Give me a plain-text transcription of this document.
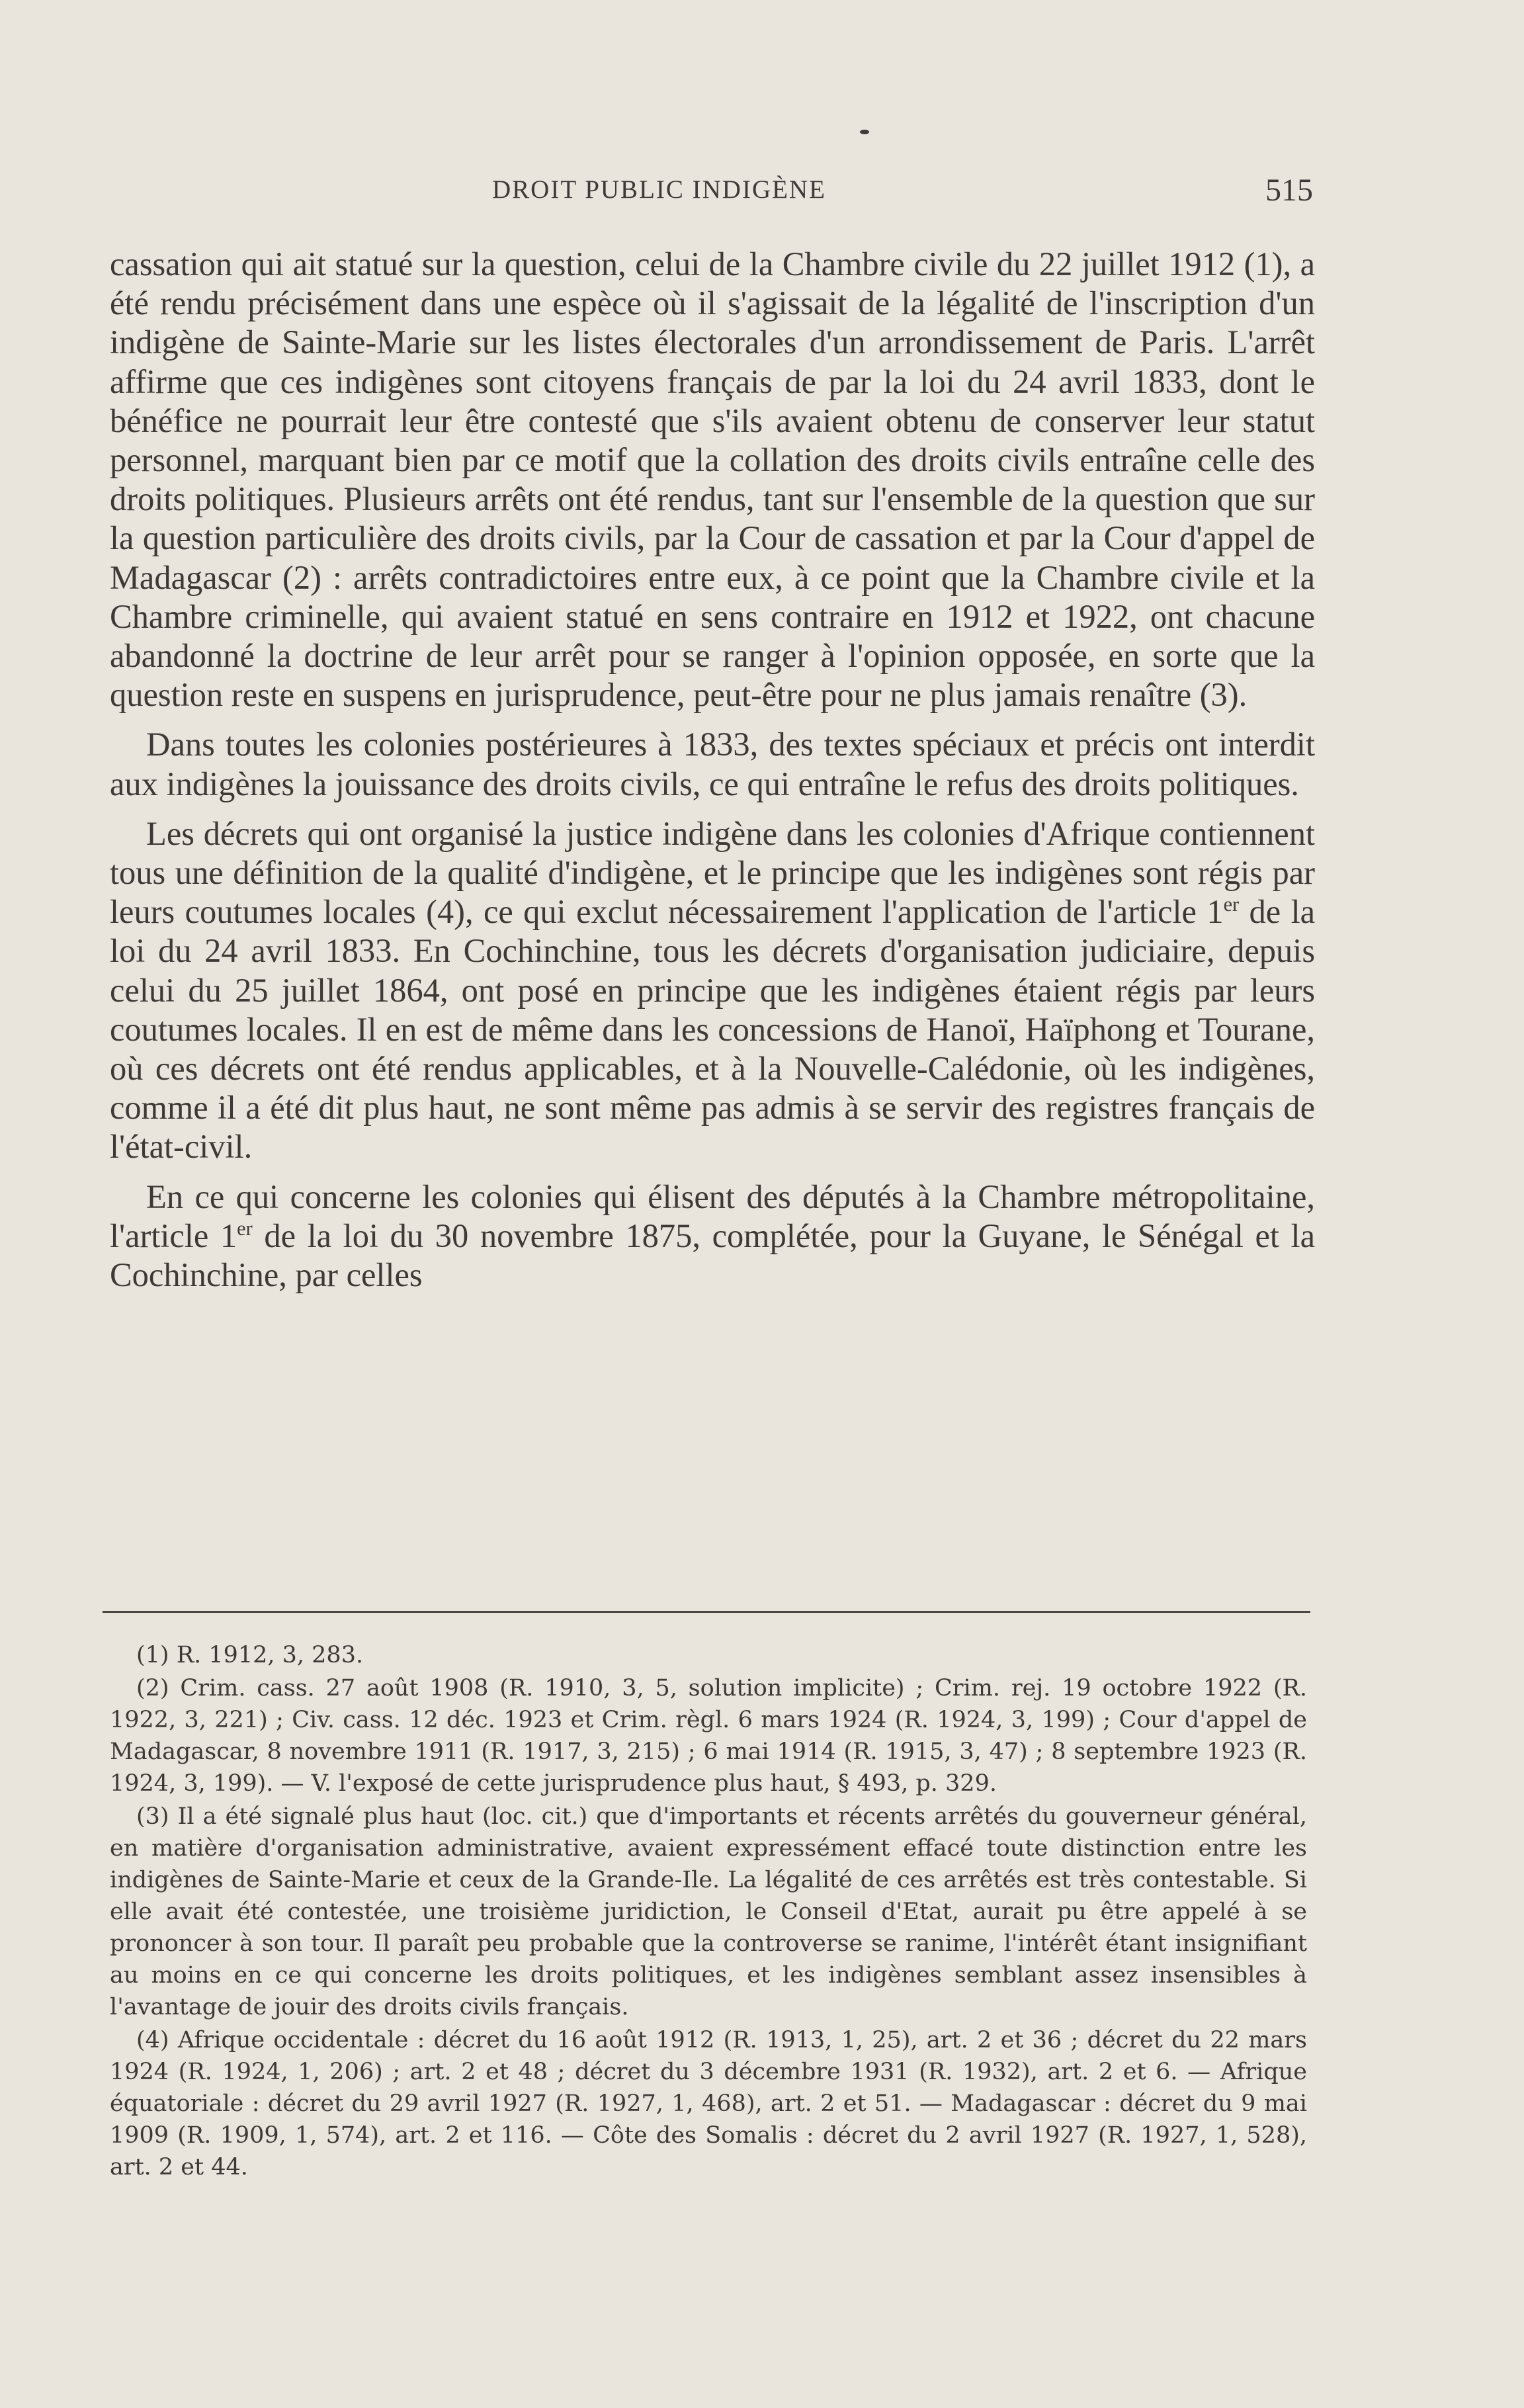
DROIT PUBLIC INDIGÈNE	515

cassation qui ait statué sur la question, celui de la Chambre civile du 22 juillet 1912 (1), a été rendu précisément dans une espèce où il s'agissait de la légalité de l'inscription d'un indigène de Sainte-Marie sur les listes électorales d'un arrondissement de Paris. L'arrêt affirme que ces indigènes sont citoyens français de par la loi du 24 avril 1833, dont le bénéfice ne pourrait leur être contesté que s'ils avaient obtenu de conserver leur statut personnel, marquant bien par ce motif que la collation des droits civils entraîne celle des droits politiques. Plusieurs arrêts ont été rendus, tant sur l'ensemble de la question que sur la question particulière des droits civils, par la Cour de cassation et par la Cour d'appel de Madagascar (2) : arrêts contradictoires entre eux, à ce point que la Chambre civile et la Chambre criminelle, qui avaient statué en sens contraire en 1912 et 1922, ont chacune abandonné la doctrine de leur arrêt pour se ranger à l'opinion opposée, en sorte que la question reste en suspens en jurisprudence, peut-être pour ne plus jamais renaître (3).

Dans toutes les colonies postérieures à 1833, des textes spéciaux et précis ont interdit aux indigènes la jouissance des droits civils, ce qui entraîne le refus des droits politiques.

Les décrets qui ont organisé la justice indigène dans les colonies d'Afrique contiennent tous une définition de la qualité d'indigène, et le principe que les indigènes sont régis par leurs coutumes locales (4), ce qui exclut nécessairement l'application de l'article 1er de la loi du 24 avril 1833. En Cochinchine, tous les décrets d'organisation judiciaire, depuis celui du 25 juillet 1864, ont posé en principe que les indigènes étaient régis par leurs coutumes locales. Il en est de même dans les concessions de Hanoï, Haïphong et Tourane, où ces décrets ont été rendus applicables, et à la Nouvelle-Calédonie, où les indigènes, comme il a été dit plus haut, ne sont même pas admis à se servir des registres français de l'état-civil.

En ce qui concerne les colonies qui élisent des députés à la Chambre métropolitaine, l'article 1er de la loi du 30 novembre 1875, complétée, pour la Guyane, le Sénégal et la Cochinchine, par celles

(1) R. 1912, 3, 283.
(2) Crim. cass. 27 août 1908 (R. 1910, 3, 5, solution implicite) ; Crim. rej. 19 octobre 1922 (R. 1922, 3, 221) ; Civ. cass. 12 déc. 1923 et Crim. règl. 6 mars 1924 (R. 1924, 3, 199) ; Cour d'appel de Madagascar, 8 novembre 1911 (R. 1917, 3, 215) ; 6 mai 1914 (R. 1915, 3, 47) ; 8 septembre 1923 (R. 1924, 3, 199). — V. l'exposé de cette jurisprudence plus haut, § 493, p. 329.
(3) Il a été signalé plus haut (loc. cit.) que d'importants et récents arrêtés du gouverneur général, en matière d'organisation administrative, avaient expressément effacé toute distinction entre les indigènes de Sainte-Marie et ceux de la Grande-Ile. La légalité de ces arrêtés est très contestable. Si elle avait été contestée, une troisième juridiction, le Conseil d'Etat, aurait pu être appelé à se prononcer à son tour. Il paraît peu probable que la controverse se ranime, l'intérêt étant insignifiant au moins en ce qui concerne les droits politiques, et les indigènes semblant assez insensibles à l'avantage de jouir des droits civils français.
(4) Afrique occidentale : décret du 16 août 1912 (R. 1913, 1, 25), art. 2 et 36 ; décret du 22 mars 1924 (R. 1924, 1, 206) ; art. 2 et 48 ; décret du 3 décembre 1931 (R. 1932), art. 2 et 6. — Afrique équatoriale : décret du 29 avril 1927 (R. 1927, 1, 468), art. 2 et 51. — Madagascar : décret du 9 mai 1909 (R. 1909, 1, 574), art. 2 et 116. — Côte des Somalis : décret du 2 avril 1927 (R. 1927, 1, 528), art. 2 et 44.
